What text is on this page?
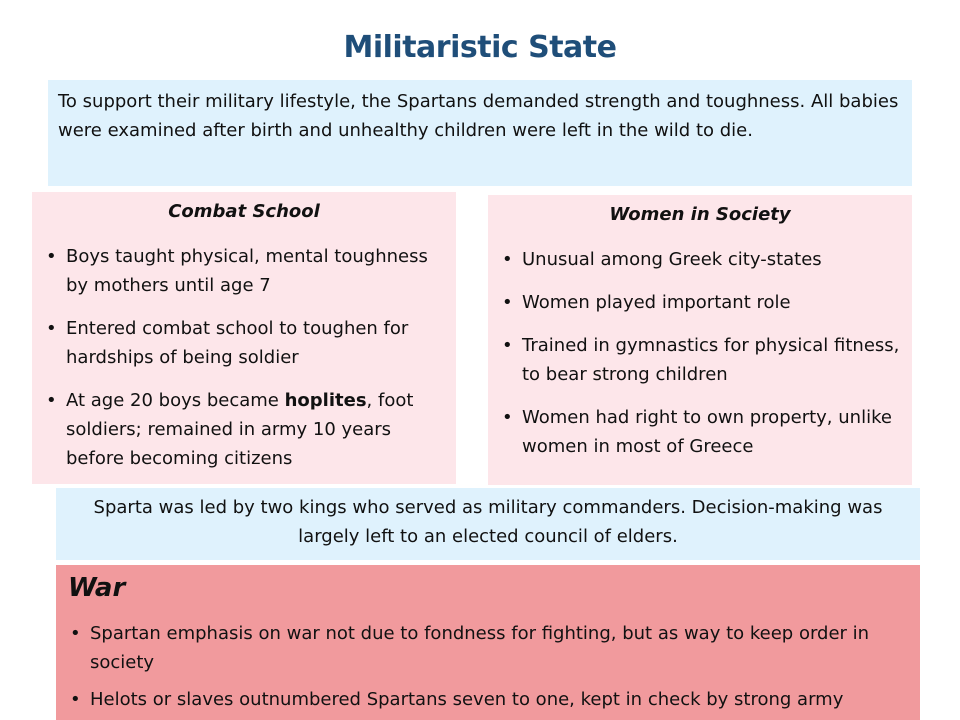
Militaristic State
To support their military lifestyle, the Spartans demanded strength and toughness. All babies were examined after birth and unhealthy children were left in the wild to die.
Combat School
• Boys taught physical, mental toughness by mothers until age 7
• Entered combat school to toughen for hardships of being soldier
• At age 20 boys became hoplites, foot soldiers; remained in army 10 years before becoming citizens
Women in Society
• Unusual among Greek city-states
• Women played important role
• Trained in gymnastics for physical fitness, to bear strong children
• Women had right to own property, unlike women in most of Greece
Sparta was led by two kings who served as military commanders. Decision-making was largely left to an elected council of elders.
War
• Spartan emphasis on war not due to fondness for fighting, but as way to keep order in society
• Helots or slaves outnumbered Spartans seven to one, kept in check by strong army
